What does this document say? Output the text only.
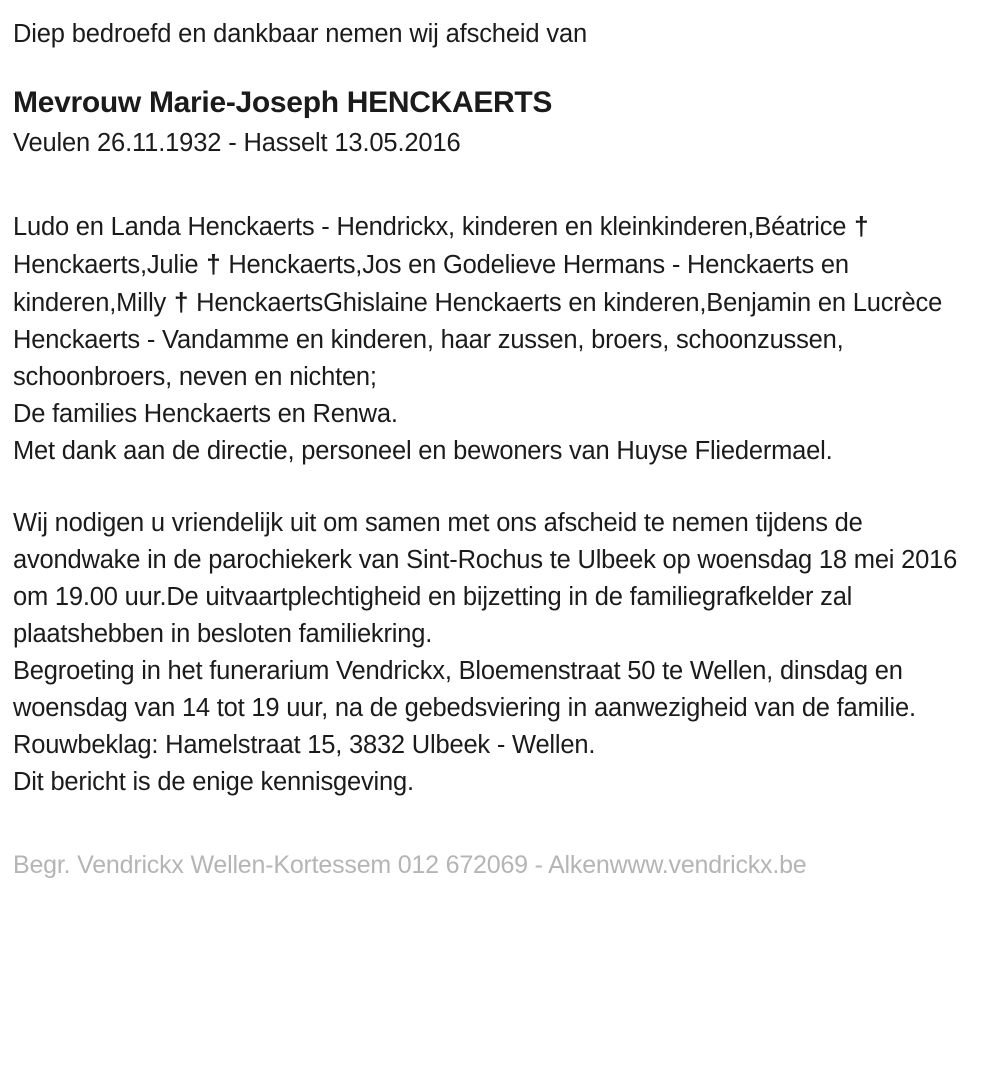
Diep bedroefd en dankbaar nemen wij afscheid van

Mevrouw Marie-Joseph HENCKAERTS

Veulen 26.11.1932 - Hasselt 13.05.2016

Ludo en Landa Henckaerts - Hendrickx, kinderen en kleinkinderen,Béatrice † Henckaerts,Julie † Henckaerts,Jos en Godelieve Hermans - Henckaerts en kinderen,Milly † HenckaertsGhislaine Henckaerts en kinderen,Benjamin en Lucrèce Henckaerts - Vandamme en kinderen, haar zussen, broers, schoonzussen, schoonbroers, neven en nichten;

De families Henckaerts en Renwa.

Met dank aan de directie, personeel en bewoners van Huyse Fliedermael.

Wij nodigen u vriendelijk uit om samen met ons afscheid te nemen tijdens de avondwake in de parochiekerk van Sint-Rochus te Ulbeek op woensdag 18 mei 2016 om 19.00 uur.De uitvaartplechtigheid en bijzetting in de familiegrafkelder zal plaatshebben in besloten familiekring.

Begroeting in het funerarium Vendrickx, Bloemenstraat 50 te Wellen, dinsdag en woensdag van 14 tot 19 uur, na de gebedsviering in aanwezigheid van de familie.

Rouwbeklag: Hamelstraat 15, 3832 Ulbeek - Wellen.

Dit bericht is de enige kennisgeving.

Begr. Vendrickx Wellen-Kortessem 012 672069 - Alkenwww.vendrickx.be
